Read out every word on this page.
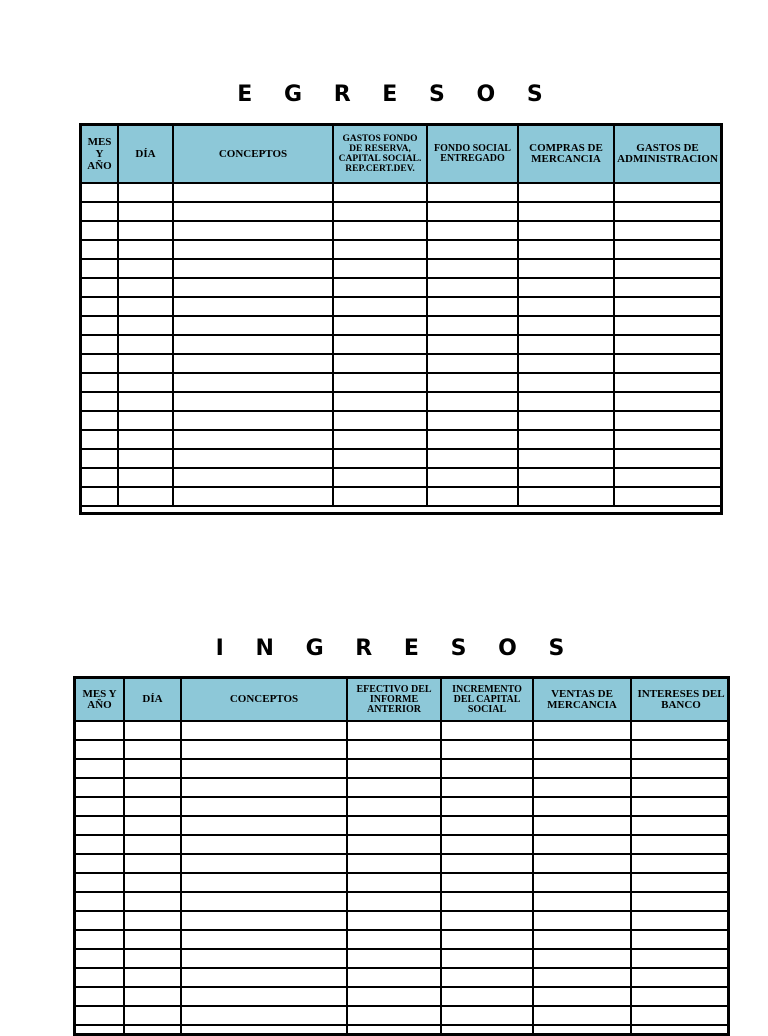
E G R E S O S
MES Y AÑO	DÍA	CONCEPTOS	GASTOS FONDO DE RESERVA, CAPITAL SOCIAL. REP.CERT.DEV.	FONDO SOCIAL ENTREGADO	COMPRAS DE MERCANCIA	GASTOS DE ADMINISTRACION

I N G R E S O S
MES Y AÑO	DÍA	CONCEPTOS	EFECTIVO DEL INFORME ANTERIOR	INCREMENTO DEL CAPITAL SOCIAL	VENTAS DE MERCANCIA	INTERESES DEL BANCO
